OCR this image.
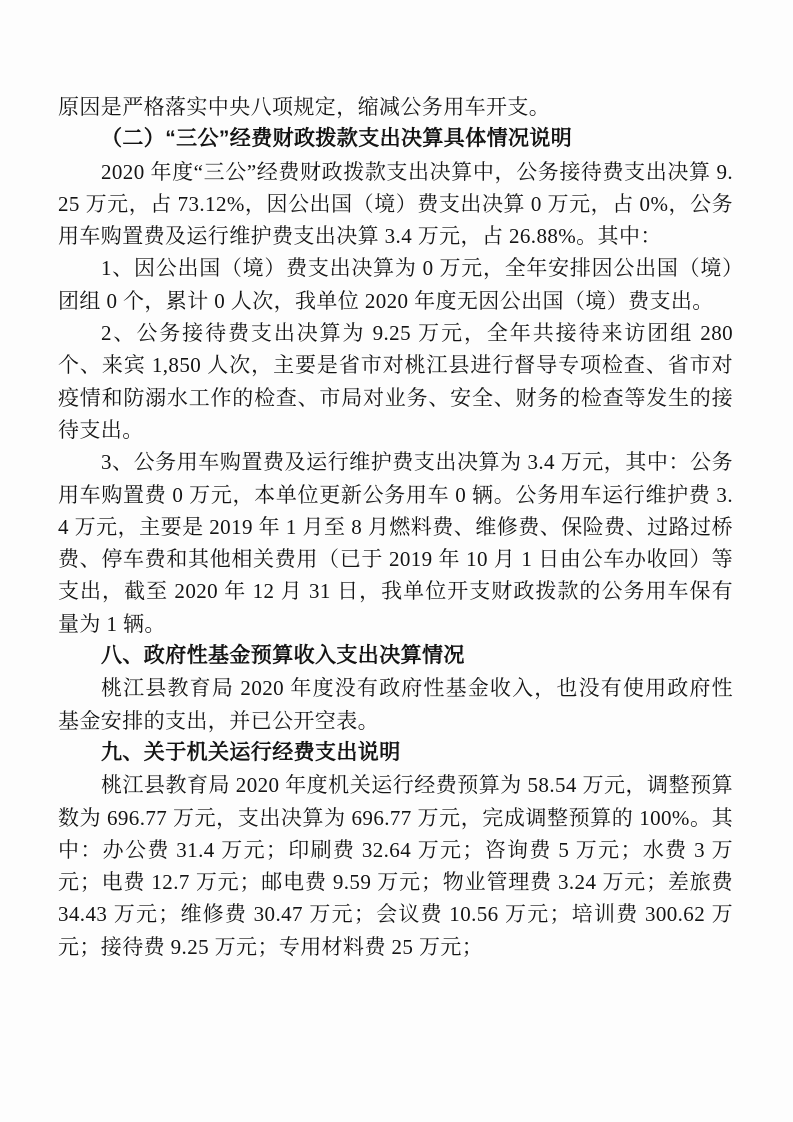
原因是严格落实中央八项规定，缩减公务用车开支。

（二）“三公”经费财政拨款支出决算具体情况说明

2020 年度“三公”经费财政拨款支出决算中，公务接待费支出决算 9.25 万元，占 73.12%，因公出国（境）费支出决算 0 万元，占 0%，公务用车购置费及运行维护费支出决算 3.4 万元，占 26.88%。其中：

1、因公出国（境）费支出决算为 0 万元，全年安排因公出国（境）团组 0 个，累计 0 人次，我单位 2020 年度无因公出国（境）费支出。

2、公务接待费支出决算为 9.25 万元，全年共接待来访团组 280 个、来宾 1,850 人次，主要是省市对桃江县进行督导专项检查、省市对疫情和防溺水工作的检查、市局对业务、安全、财务的检查等发生的接待支出。

3、公务用车购置费及运行维护费支出决算为 3.4 万元，其中：公务用车购置费 0 万元，本单位更新公务用车 0 辆。公务用车运行维护费 3.4 万元，主要是 2019 年 1 月至 8 月燃料费、维修费、保险费、过路过桥费、停车费和其他相关费用（已于 2019 年 10 月 1 日由公车办收回）等支出，截至 2020 年 12 月 31 日，我单位开支财政拨款的公务用车保有量为 1 辆。

八、政府性基金预算收入支出决算情况

桃江县教育局 2020 年度没有政府性基金收入，也没有使用政府性基金安排的支出，并已公开空表。

九、关于机关运行经费支出说明

桃江县教育局 2020 年度机关运行经费预算为 58.54 万元，调整预算数为 696.77 万元，支出决算为 696.77 万元，完成调整预算的 100%。其中：办公费 31.4 万元；印刷费 32.64 万元；咨询费 5 万元；水费 3 万元；电费 12.7 万元；邮电费 9.59 万元；物业管理费 3.24 万元；差旅费 34.43 万元；维修费 30.47 万元；会议费 10.56 万元；培训费 300.62 万元；接待费 9.25 万元；专用材料费 25 万元；
